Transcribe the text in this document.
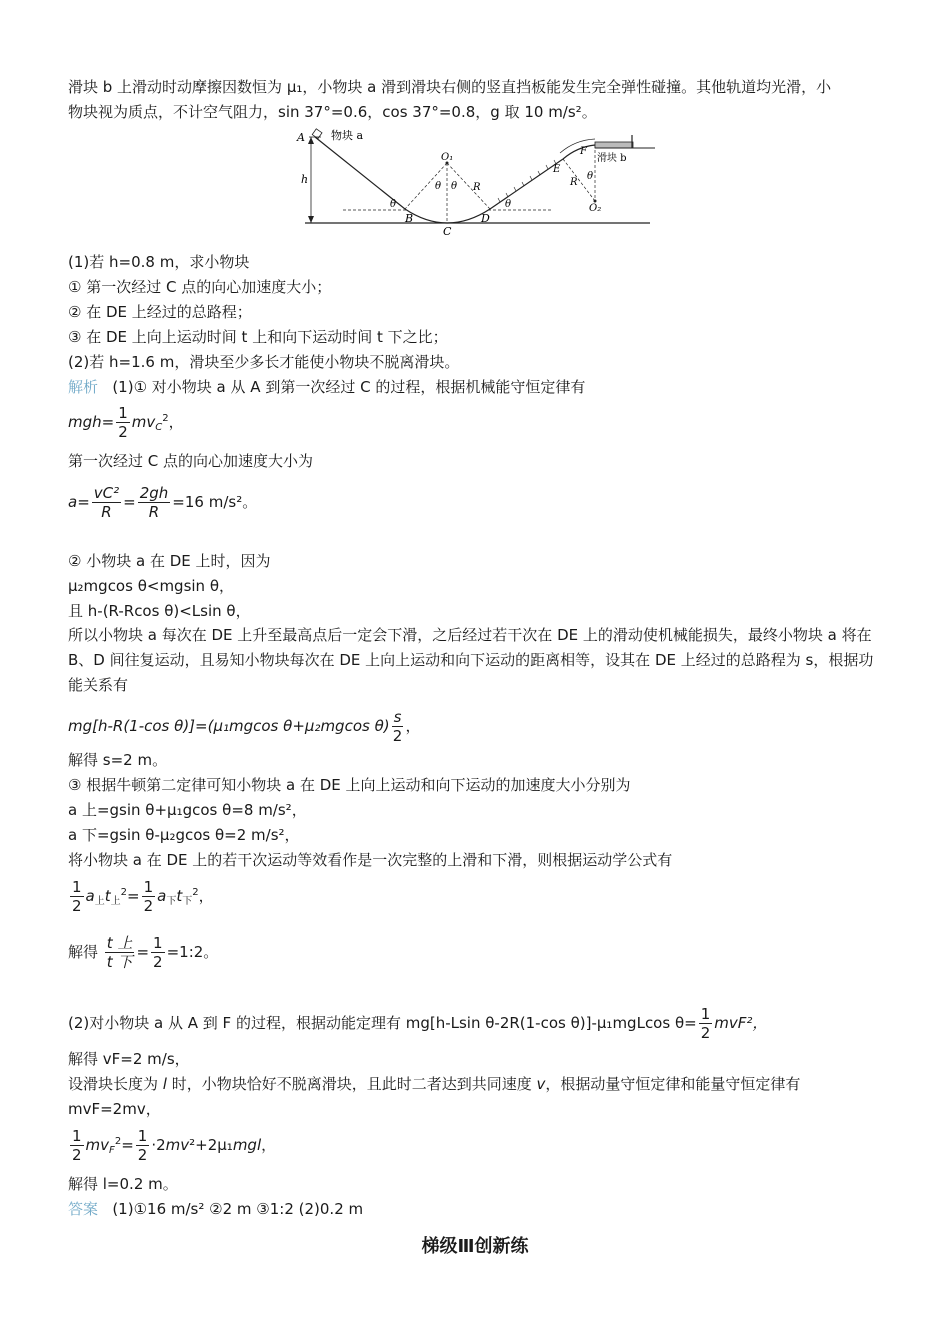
滑块 b 上滑动时动摩擦因数恒为 μ₁，小物块 a 滑到滑块右侧的竖直挡板能发生完全弹性碰撞。其他轨道均光滑，小
物块视为质点，不计空气阻力，sin 37°=0.6，cos 37°=0.8，g 取 10 m/s²。
h
A 物块 a
O₁
θ θ R
θ	θ
B
C
D
E
F
R
θ
O₂
滑块 b
(1)若 h=0.8 m，求小物块
① 第一次经过 C 点的向心加速度大小；
② 在 DE 上经过的总路程；
③ 在 DE 上向上运动时间 t 上和向下运动时间 t 下之比；
(2)若 h=1.6 m，滑块至少多长才能使小物块不脱离滑块。
解析 (1)① 对小物块 a 从 A 到第一次经过 C 的过程，根据机械能守恒定律有
$mgh= \frac{1}{2} mv_C^2$，
第一次经过 C 点的向心加速度大小为
$a= \frac{\text{vC²}}{R} = \frac{2gh}{R} =16$ m/s²。
② 小物块 a 在 DE 上时，因为
μ₂mgcos θ<mgsin θ，
且 h-(R-Rcos θ)<Lsin θ，
所以小物块 a 每次在 DE 上升至最高点后一定会下滑，之后经过若干次在 DE 上的滑动使机械能损失，最终小物块 a 将在 B、D 间往复运动，且易知小物块每次在 DE 上向上运动和向下运动的距离相等，设其在 DE 上经过的总路程为 s，根据功能关系有
mg[h-R(1-cos θ)]=(μ₁mgcos θ+μ₂mgcos $\theta) \frac{s}{2}$ ，
解得 s=2 m。
③ 根据牛顿第二定律可知小物块 a 在 DE 上向上运动和向下运动的加速度大小分别为
a 上=gsin θ+μ₁gcos θ=8 m/s²，
a 下=gsin θ-μ₂gcos θ=2 m/s²，
将小物块 a 在 DE 上的若干次运动等效看作是一次完整的上滑和下滑，则根据运动学公式有
$\frac{1}{2} a_上t_上^2= \frac{1}{2} a_下t_下^2$，
解得 $\frac{\text{t 上}}{\text{t 下}} = \frac{1}{2}$ =1:2。
(2)对小物块 a 从 A 到 F 的过程，根据动能定理有 mg[h-Lsin θ-2R(1-cos θ)]-μ₁mgLcos $\theta= \frac{1}{2} mvF^2$，
解得 vF=2 m/s，
设滑块长度为 l 时，小物块恰好不脱离滑块，且此时二者达到共同速度 v，根据动量守恒定律和能量守恒定律有
mvF=2mv，
$\frac{1}{2} mv_F^2= \frac{1}{2} \cdot 2mv^2+2\mu_1mgl$，
解得 l=0.2 m。
答案 (1)①16 m/s² ②2 m ③1:2 (2)0.2 m
梯级Ⅲ创新练
